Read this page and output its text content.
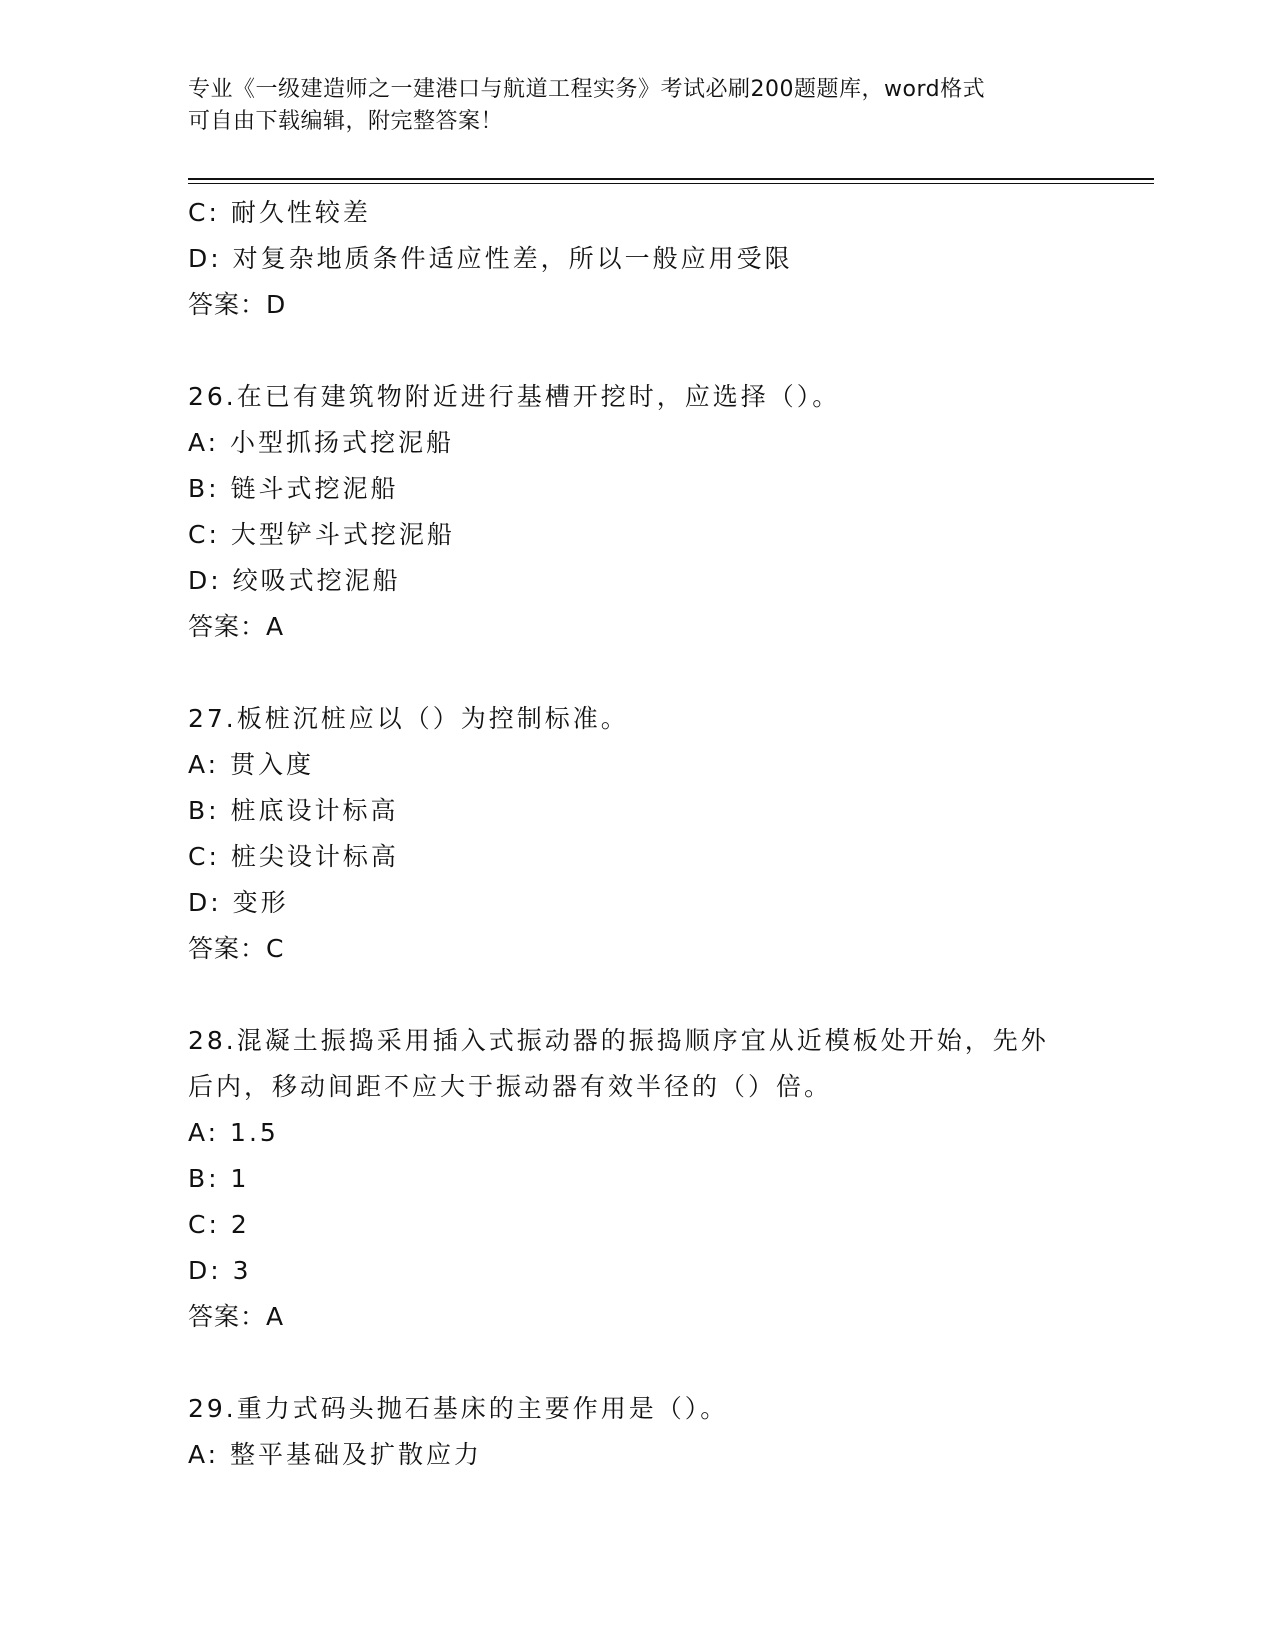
专业《一级建造师之一建港口与航道工程实务》考试必刷200题题库，word格式
可自由下载编辑，附完整答案！
C: 耐久性较差
D: 对复杂地质条件适应性差，所以一般应用受限
答案：D
26.在已有建筑物附近进行基槽开挖时，应选择（）。
A: 小型抓扬式挖泥船
B: 链斗式挖泥船
C: 大型铲斗式挖泥船
D: 绞吸式挖泥船
答案：A
27.板桩沉桩应以（）为控制标准。
A: 贯入度
B: 桩底设计标高
C: 桩尖设计标高
D: 变形
答案：C
28.混凝土振捣采用插入式振动器的振捣顺序宜从近模板处开始，先外
后内，移动间距不应大于振动器有效半径的（）倍。
A: 1.5
B: 1
C: 2
D: 3
答案：A
29.重力式码头抛石基床的主要作用是（）。
A: 整平基础及扩散应力
